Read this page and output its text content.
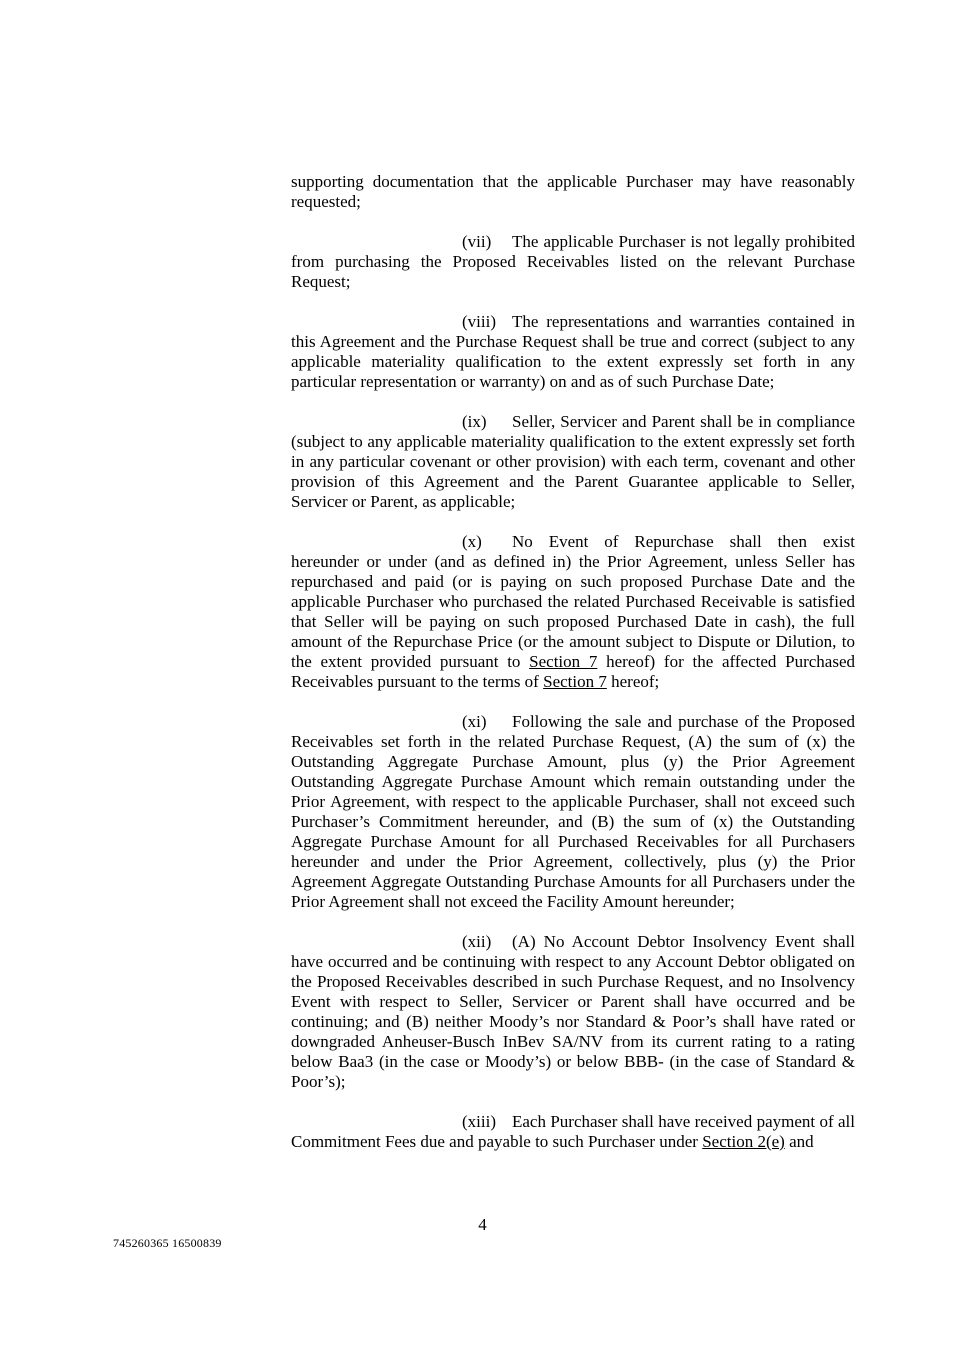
supporting documentation that the applicable Purchaser may have reasonably requested;

(vii) The applicable Purchaser is not legally prohibited from purchasing the Proposed Receivables listed on the relevant Purchase Request;

(viii) The representations and warranties contained in this Agreement and the Purchase Request shall be true and correct (subject to any applicable materiality qualification to the extent expressly set forth in any particular representation or warranty) on and as of such Purchase Date;

(ix) Seller, Servicer and Parent shall be in compliance (subject to any applicable materiality qualification to the extent expressly set forth in any particular covenant or other provision) with each term, covenant and other provision of this Agreement and the Parent Guarantee applicable to Seller, Servicer or Parent, as applicable;

(x) No Event of Repurchase shall then exist hereunder or under (and as defined in) the Prior Agreement, unless Seller has repurchased and paid (or is paying on such proposed Purchase Date and the applicable Purchaser who purchased the related Purchased Receivable is satisfied that Seller will be paying on such proposed Purchased Date in cash), the full amount of the Repurchase Price (or the amount subject to Dispute or Dilution, to the extent provided pursuant to Section 7 hereof) for the affected Purchased Receivables pursuant to the terms of Section 7 hereof;

(xi) Following the sale and purchase of the Proposed Receivables set forth in the related Purchase Request, (A) the sum of (x) the Outstanding Aggregate Purchase Amount, plus (y) the Prior Agreement Outstanding Aggregate Purchase Amount which remain outstanding under the Prior Agreement, with respect to the applicable Purchaser, shall not exceed such Purchaser’s Commitment hereunder, and (B) the sum of (x) the Outstanding Aggregate Purchase Amount for all Purchased Receivables for all Purchasers hereunder and under the Prior Agreement, collectively, plus (y) the Prior Agreement Aggregate Outstanding Purchase Amounts for all Purchasers under the Prior Agreement shall not exceed the Facility Amount hereunder;

(xii) (A) No Account Debtor Insolvency Event shall have occurred and be continuing with respect to any Account Debtor obligated on the Proposed Receivables described in such Purchase Request, and no Insolvency Event with respect to Seller, Servicer or Parent shall have occurred and be continuing; and (B) neither Moody’s nor Standard & Poor’s shall have rated or downgraded Anheuser-Busch InBev SA/NV from its current rating to a rating below Baa3 (in the case or Moody’s) or below BBB- (in the case of Standard & Poor’s);

(xiii) Each Purchaser shall have received payment of all Commitment Fees due and payable to such Purchaser under Section 2(e) and

4
745260365 16500839
